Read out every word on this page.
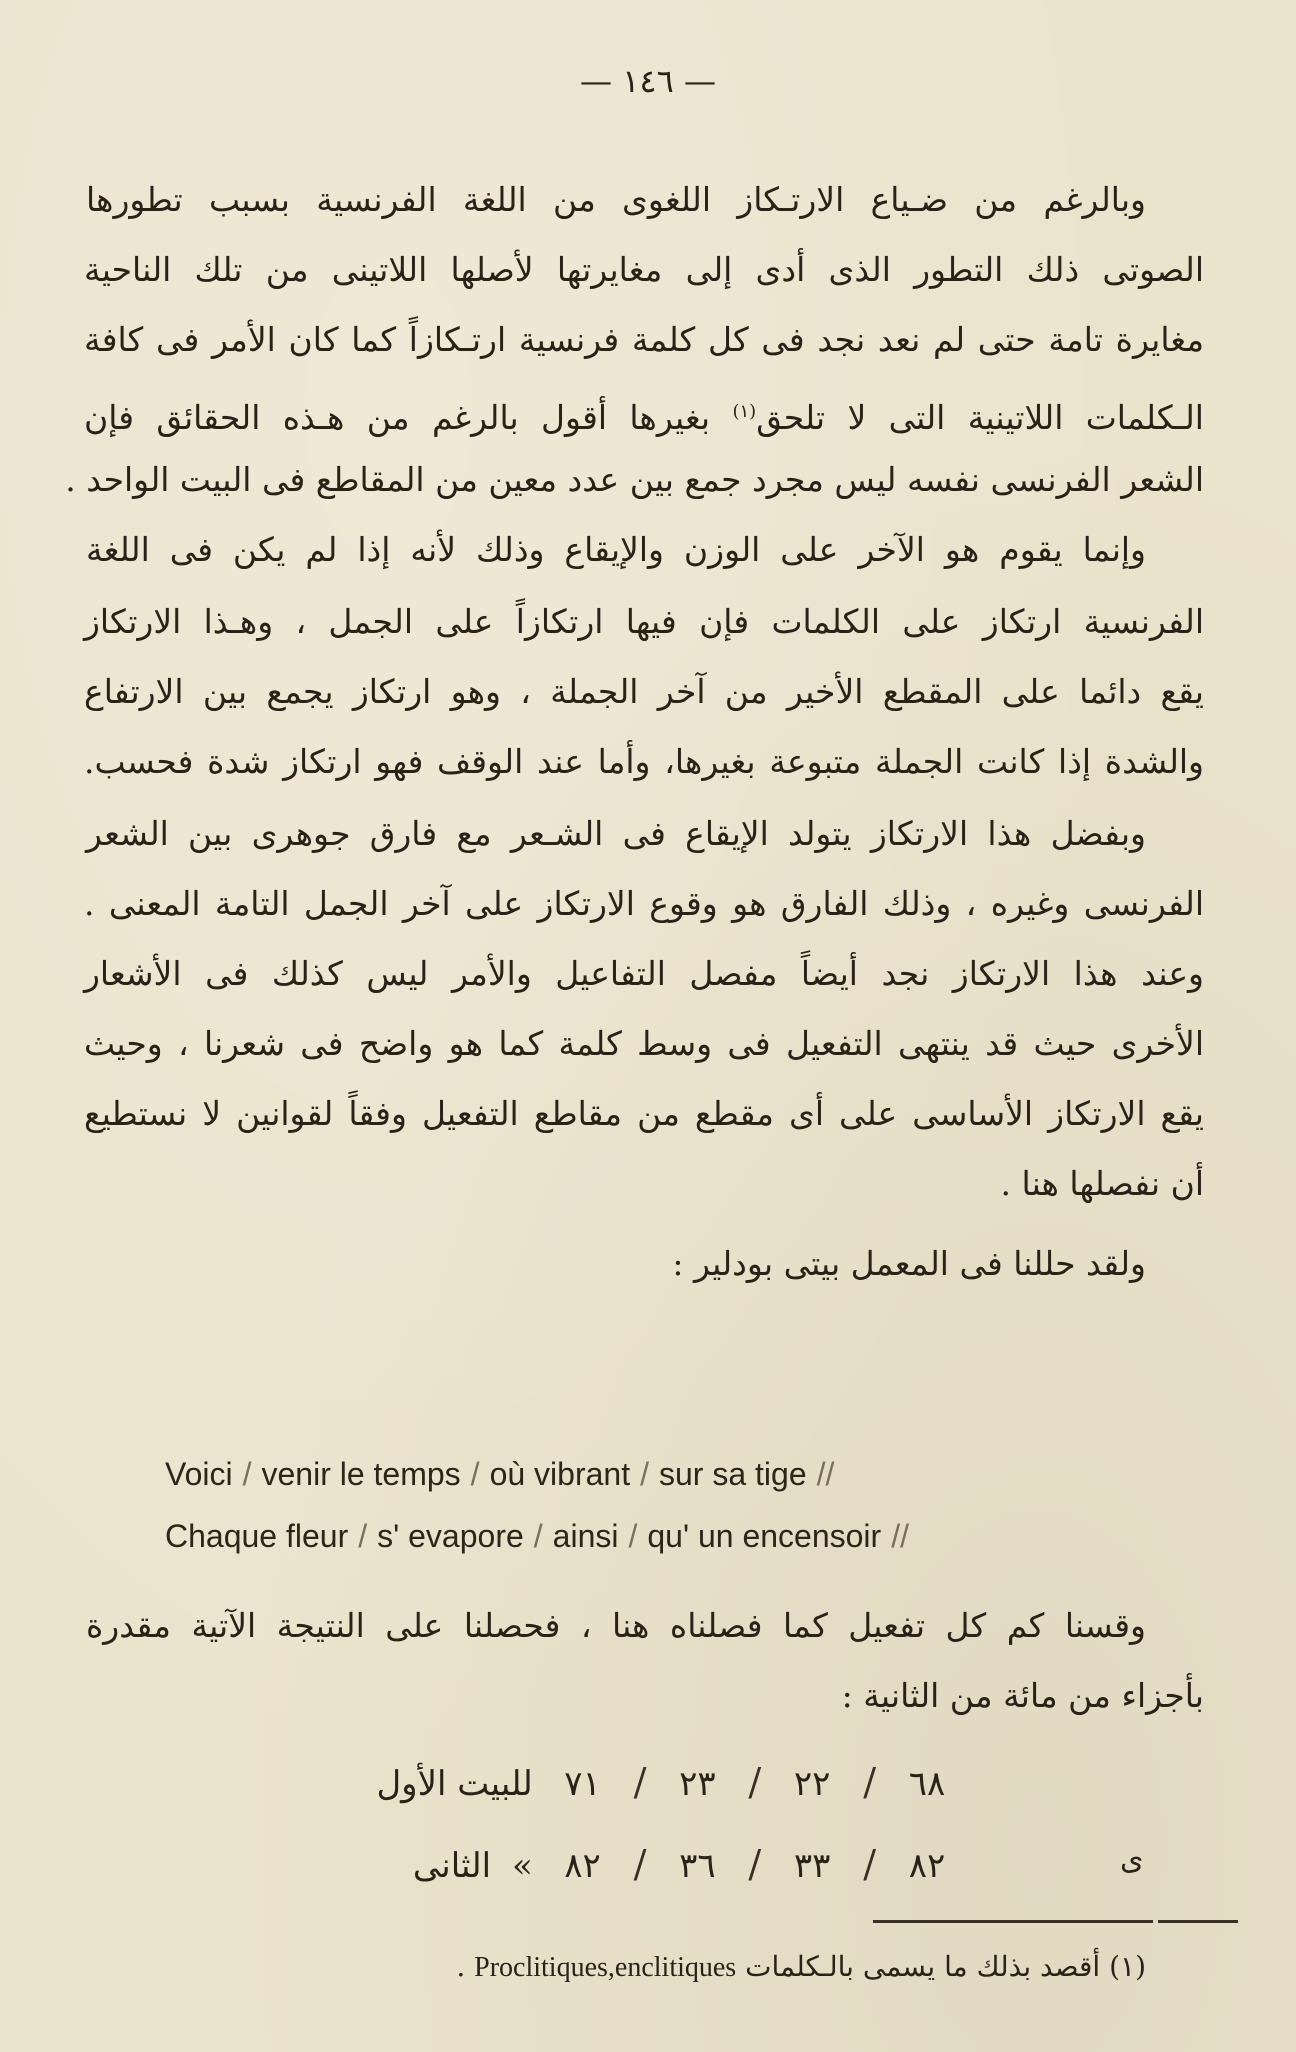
— ١٤٦ —
وبالرغم من ضـياع الارتـكاز اللغوى من اللغة الفرنسية بسبب تطورها
الصوتى ذلك التطور الذى أدى إلى مغايرتها لأصلها اللاتينى من تلك الناحية
مغايرة تامة حتى لم نعد نجد فى كل كلمة فرنسية ارتـكازاً كما كان الأمر فى كافة
الـكلمات اللاتينية التى لا تلحق$^{(١)}$ بغيرها أقول بالرغم من هـذه الحقائق فإن
الشعر الفرنسى نفسه ليس مجرد جمع بين عدد معين من المقاطع فى البيت الواحد .
وإنما يقوم هو الآخر على الوزن والإيقاع وذلك لأنه إذا لم يكن فى اللغة
الفرنسية ارتكاز على الكلمات فإن فيها ارتكازاً على الجمل ، وهـذا الارتكاز
يقع دائما على المقطع الأخير من آخر الجملة ، وهو ارتكاز يجمع بين الارتفاع
والشدة إذا كانت الجملة متبوعة بغيرها، وأما عند الوقف فهو ارتكاز شدة فحسب.
وبفضل هذا الارتكاز يتولد الإيقاع فى الشـعر مع فارق جوهرى بين الشعر
الفرنسى وغيره ، وذلك الفارق هو وقوع الارتكاز على آخر الجمل التامة المعنى .
وعند هذا الارتكاز نجد أيضاً مفصل التفاعيل والأمر ليس كذلك فى الأشعار
الأخرى حيث قد ينتهى التفعيل فى وسط كلمة كما هو واضح فى شعرنا ، وحيث
يقع الارتكاز الأساسى على أى مقطع من مقاطع التفعيل وفقاً لقوانين لا نستطيع
أن نفصلها هنا .
ولقد حللنا فى المعمل بيتى بودلير :
Voici / venir le temps / où vibrant / sur sa tige //
Chaque fleur / s' evapore / ainsi / qu' un encensoir //
وقسنا كم كل تفعيل كما فصلناه هنا ، فحصلنا على النتيجة الآتية مقدرة
بأجزاء من مائة من الثانية :
٦٨/٢٢/٢٣/٧١ للبيت الأول
٨٢/٣٣/٣٦/٨٢ » الثانى	ى
(١) أقصد بذلك ما يسمى بالـكلمات Proclitiques,enclitiques .
